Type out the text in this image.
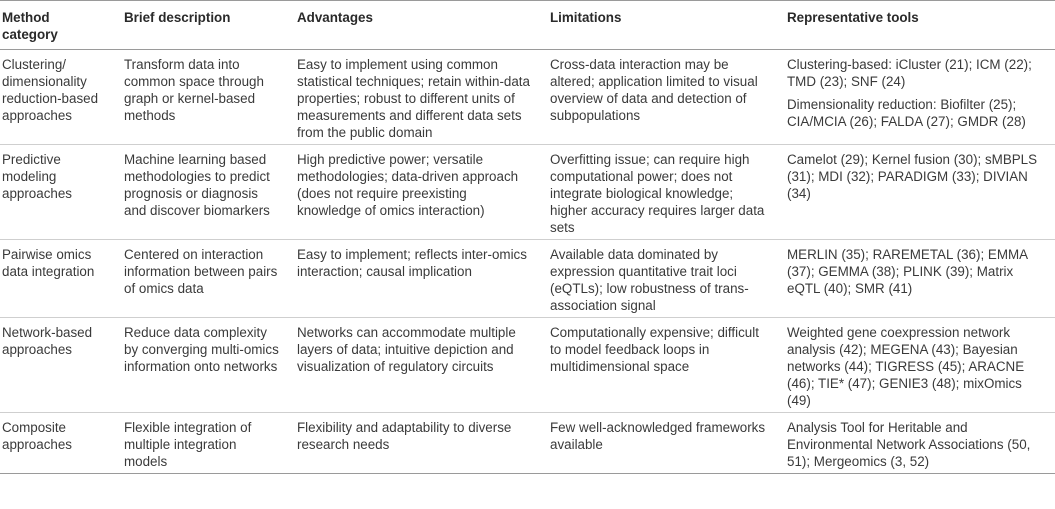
Method category	Brief description	Advantages	Limitations	Representative tools
Clustering/ dimensionality reduction-based approaches	Transform data into common space through graph or kernel-based methods	Easy to implement using common statistical techniques; retain within-data properties; robust to different units of measurements and different data sets from the public domain	Cross-data interaction may be altered; application limited to visual overview of data and detection of subpopulations	Clustering-based: iCluster (21); ICM (22); TMD (23); SNF (24)
Dimensionality reduction: Biofilter (25); CIA/MCIA (26); FALDA (27); GMDR (28)

Predictive modeling approaches	Machine learning based methodologies to predict prognosis or diagnosis and discover biomarkers	High predictive power; versatile methodologies; data-driven approach (does not require preexisting knowledge of omics interaction)	Overfitting issue; can require high computational power; does not integrate biological knowledge; higher accuracy requires larger data sets	Camelot (29); Kernel fusion (30); sMBPLS (31); MDI (32); PARADIGM (33); DIVIAN (34)
Pairwise omics data integration	Centered on interaction information between pairs of omics data	Easy to implement; reflects inter-omics interaction; causal implication	Available data dominated by expression quantitative trait loci (eQTLs); low robustness of trans-association signal	MERLIN (35); RAREMETAL (36); EMMA (37); GEMMA (38); PLINK (39); Matrix eQTL (40); SMR (41)
Network-based approaches	Reduce data complexity by converging multi-omics information onto networks	Networks can accommodate multiple layers of data; intuitive depiction and visualization of regulatory circuits	Computationally expensive; difficult to model feedback loops in multidimensional space	Weighted gene coexpression network analysis (42); MEGENA (43); Bayesian networks (44); TIGRESS (45); ARACNE (46); TIE* (47); GENIE3 (48); mixOmics (49)
Composite approaches	Flexible integration of multiple integration models	Flexibility and adaptability to diverse research needs	Few well-acknowledged frameworks available	Analysis Tool for Heritable and Environmental Network Associations (50, 51); Mergeomics (3, 52)
